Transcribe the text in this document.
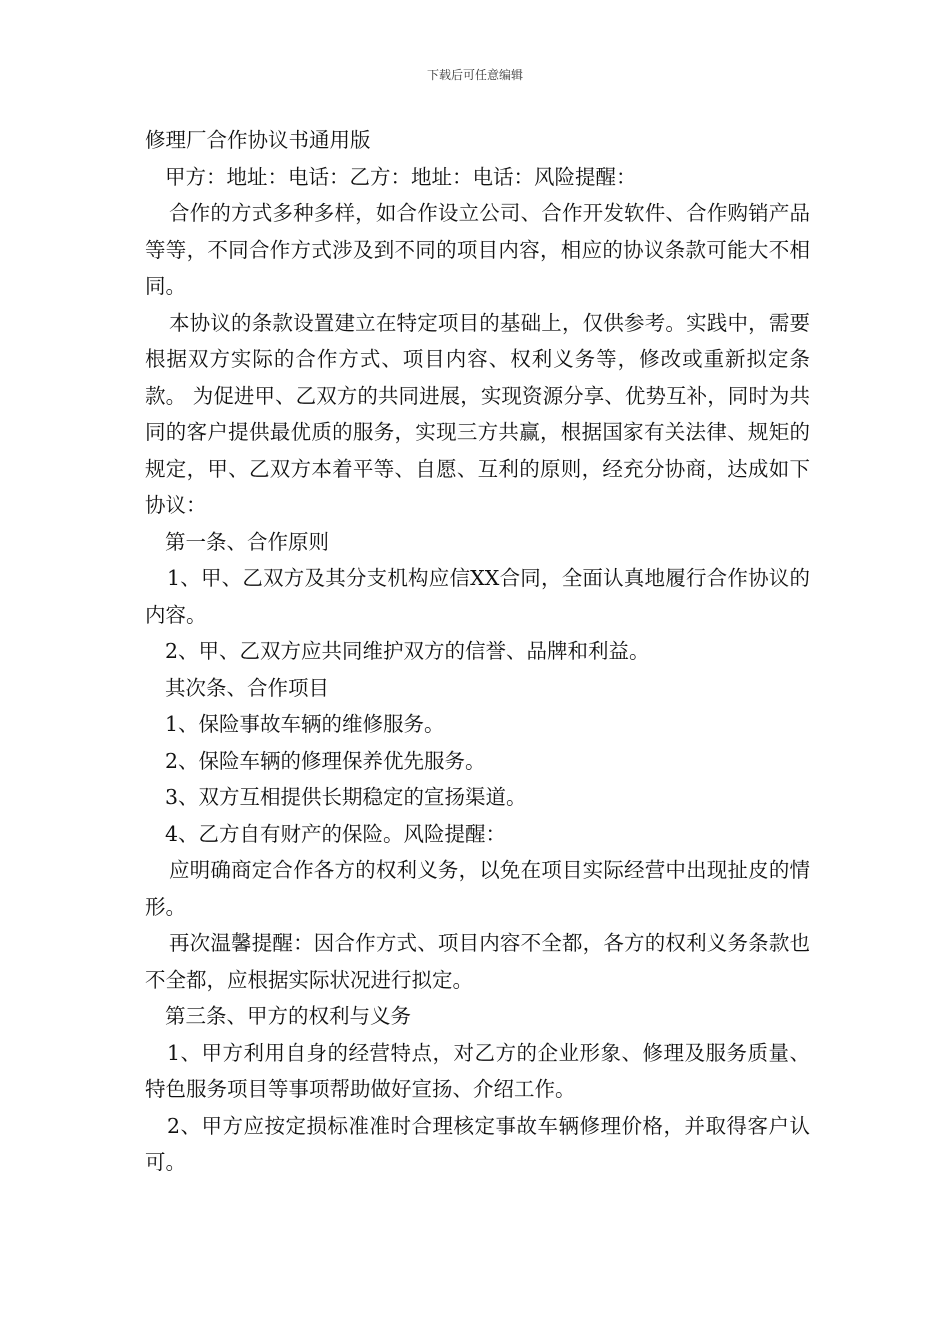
下载后可任意编辑

修理厂合作协议书通用版

甲方：地址：电话：乙方：地址：电话：风险提醒：

合作的方式多种多样，如合作设立公司、合作开发软件、合作购销产品等等，不同合作方式涉及到不同的项目内容，相应的协议条款可能大不相同。

本协议的条款设置建立在特定项目的基础上，仅供参考。实践中，需要根据双方实际的合作方式、项目内容、权利义务等，修改或重新拟定条款。 为促进甲、乙双方的共同进展，实现资源分享、优势互补，同时为共同的客户提供最优质的服务，实现三方共赢，根据国家有关法律、规矩的规定，甲、乙双方本着平等、自愿、互利的原则，经充分协商，达成如下协议：

第一条、合作原则

1、甲、乙双方及其分支机构应信XX合同，全面认真地履行合作协议的内容。

2、甲、乙双方应共同维护双方的信誉、品牌和利益。

其次条、合作项目

1、保险事故车辆的维修服务。

2、保险车辆的修理保养优先服务。

3、双方互相提供长期稳定的宣扬渠道。

4、乙方自有财产的保险。风险提醒：

应明确商定合作各方的权利义务，以免在项目实际经营中出现扯皮的情形。

再次温馨提醒：因合作方式、项目内容不全都，各方的权利义务条款也不全都，应根据实际状况进行拟定。

第三条、甲方的权利与义务

1、甲方利用自身的经营特点，对乙方的企业形象、修理及服务质量、特色服务项目等事项帮助做好宣扬、介绍工作。

2、甲方应按定损标准准时合理核定事故车辆修理价格，并取得客户认可。
